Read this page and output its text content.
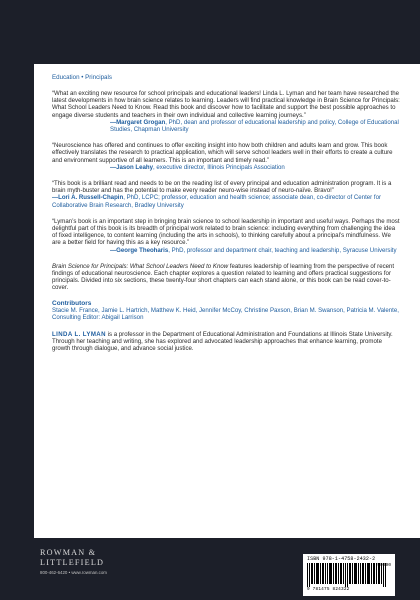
Education • Principals
“What an exciting new resource for school principals and educational leaders! Linda L. Lyman and her team have researched the latest developments in how brain science relates to learning. Leaders will find practical knowledge in Brain Science for Principals: What School Leaders Need to Know. Read this book and discover how to facilitate and support the best possible approaches to engage diverse students and teachers in their own individual and collective learning journeys.”
—Margaret Grogan, PhD, dean and professor of educational leadership and policy, College of Educational Studies, Chapman University
“Neuroscience has offered and continues to offer exciting insight into how both children and adults learn and grow. This book effectively translates the research to practical application, which will serve school leaders well in their efforts to create a culture and environment supportive of all learners. This is an important and timely read.”
—Jason Leahy, executive director, Illinois Principals Association
“This book is a brilliant read and needs to be on the reading list of every principal and education administration program. It is a brain myth-buster and has the potential to make every reader neuro-wise instead of neuro-naïve. Bravo!”
—Lori A. Russell-Chapin, PhD, LCPC; professor, education and health science; associate dean, co-director of Center for Collaborative Brain Research, Bradley University
“Lyman’s book is an important step in bringing brain science to school leadership in important and useful ways. Perhaps the most delightful part of this book is its breadth of principal work related to brain science: including everything from challenging the idea of fixed intelligence, to content learning (including the arts in schools), to thinking carefully about a principal’s mindfulness. We are a better field for having this as a key resource.”
—George Theoharis, PhD, professor and department chair, teaching and leadership, Syracuse University
Brain Science for Principals: What School Leaders Need to Know features leadership of learning from the perspective of recent findings of educational neuroscience. Each chapter explores a question related to learning and offers practical suggestions for principals. Divided into six sections, these twenty-four short chapters can each stand alone, or this book can be read cover-to-cover.
Contributors
Stacie M. France, Jamie L. Hartrich, Matthew K. Heid, Jennifer McCoy, Christine Paxson, Brian M. Swanson, Patricia M. Valente, Consulting Editor: Abigail Larrison
LINDA L. LYMAN is a professor in the Department of Educational Administration and Foundations at Illinois State University. Through her teaching and writing, she has explored and advocated leadership approaches that enhance learning, promote growth through dialogue, and advance social justice.
ROWMAN &
LITTLEFIELD
800-462-6420 • www.rowman.com
ISBN 978-1-4758-2432-2
90000
9 781475 824322
